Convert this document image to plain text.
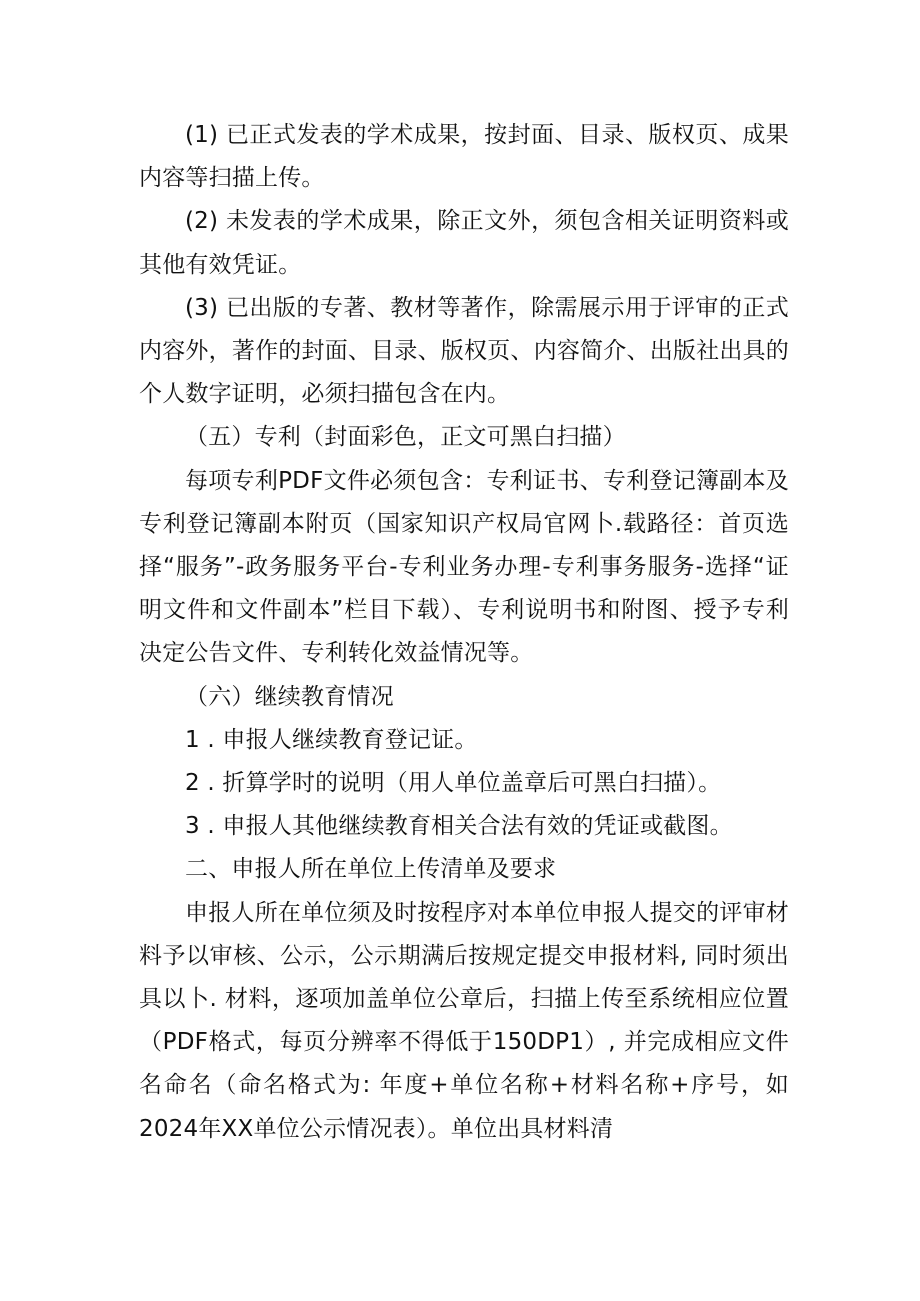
(1) 已正式发表的学术成果，按封面、目录、版权页、成果内容等扫描上传。

(2) 未发表的学术成果，除正文外，须包含相关证明资料或其他有效凭证。

(3) 已出版的专著、教材等著作，除需展示用于评审的正式内容外，著作的封面、目录、版权页、内容简介、出版社出具的个人数字证明，必须扫描包含在内。

（五）专利（封面彩色，正文可黑白扫描）

每项专利PDF文件必须包含：专利证书、专利登记簿副本及专利登记簿副本附页（国家知识产权局官网卜.载路径：首页选择“服务”-政务服务平台-专利业务办理-专利事务服务-选择“证明文件和文件副本”栏目下载）、专利说明书和附图、授予专利决定公告文件、专利转化效益情况等。

（六）继续教育情况

1 . 申报人继续教育登记证。

2 . 折算学时的说明（用人单位盖章后可黑白扫描）。

3 . 申报人其他继续教育相关合法有效的凭证或截图。

二、申报人所在单位上传清单及要求

申报人所在单位须及时按程序对本单位申报人提交的评审材料予以审核、公示，公示期满后按规定提交申报材料, 同时须出具以卜. 材料，逐项加盖单位公章后，扫描上传至系统相应位置（PDF格式，每页分辨率不得低于150DP1）, 并完成相应文件名命名（命名格式为: 年度+单位名称+材料名称+序号，如2024年XX单位公示情况表）。单位出具材料清
